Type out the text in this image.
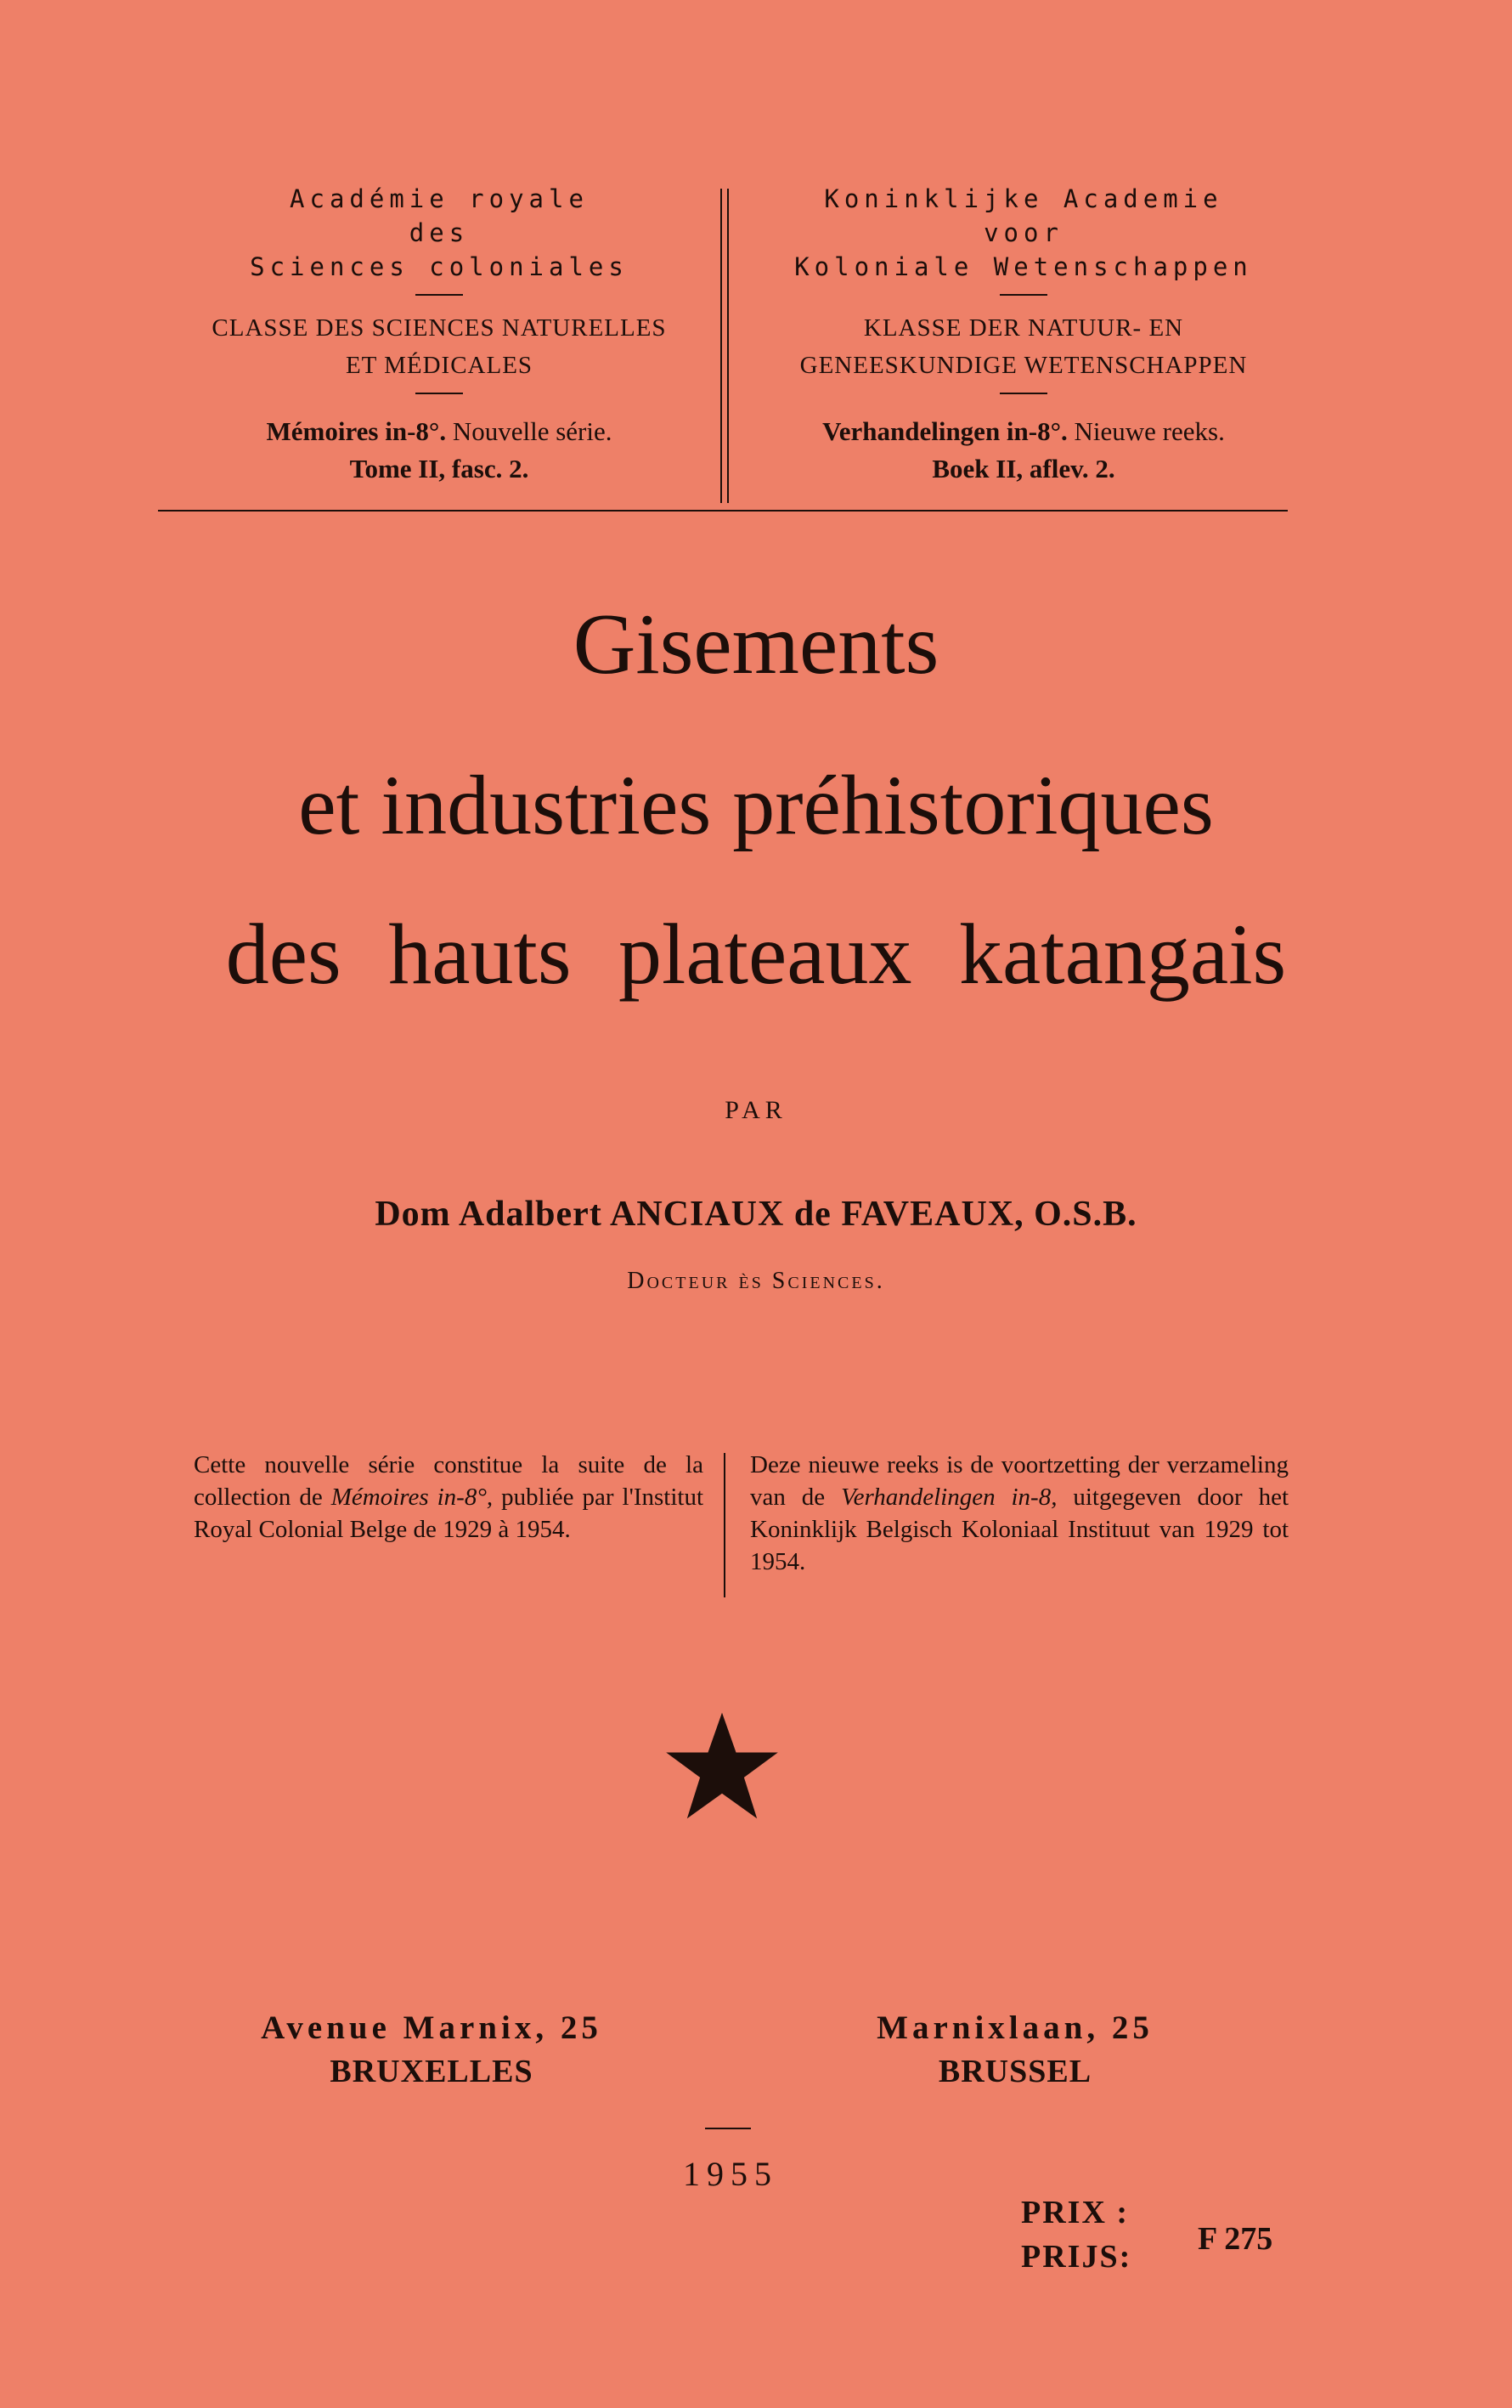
Académie royale
des
Sciences coloniales
CLASSE DES SCIENCES NATURELLES
ET MÉDICALES
Mémoires in-8°. Nouvelle série.
Tome II, fasc. 2.
Koninklijke Academie
voor
Koloniale Wetenschappen
KLASSE DER NATUUR- EN
GENEESKUNDIGE WETENSCHAPPEN
Verhandelingen in-8°. Nieuwe reeks.
Boek II, aflev. 2.
Gisements
et industries préhistoriques
des hauts plateaux katangais
PAR
Dom Adalbert ANCIAUX de FAVEAUX, O.S.B.
Docteur ès Sciences.
Cette nouvelle série constitue la suite de la collection de Mémoires in-8°, publiée par l'Institut Royal Colonial Belge de 1929 à 1954.
Deze nieuwe reeks is de voortzetting der verzameling van de Verhandelingen in-8, uitgegeven door het Koninklijk Belgisch Koloniaal Instituut van 1929 tot 1954.
Avenue Marnix, 25
BRUXELLES
Marnixlaan, 25
BRUSSEL
1955
PRIX :
PRIJS: F 275
